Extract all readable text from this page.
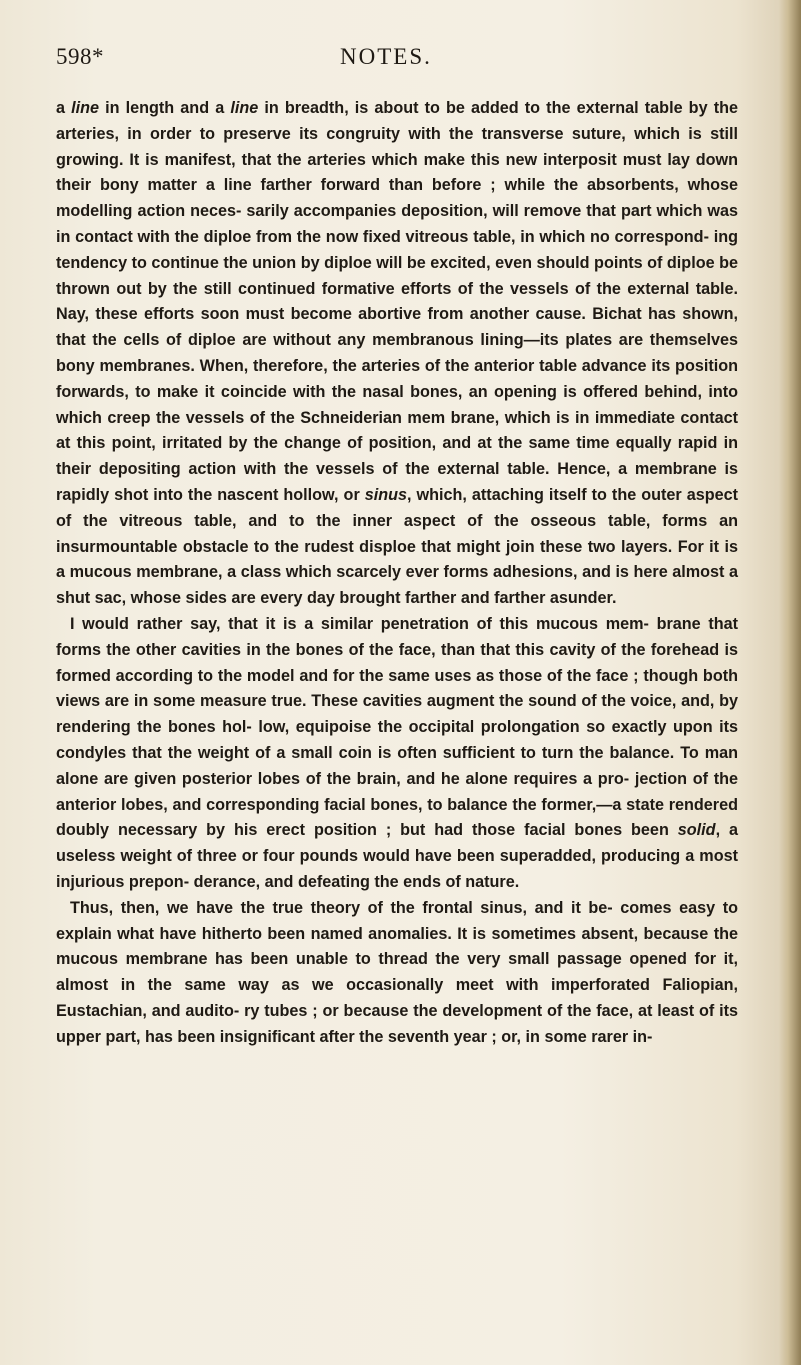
598*	NOTES.

a line in length and a line in breadth, is about to be added to the external table by the arteries, in order to preserve its congruity with the transverse suture, which is still growing. It is manifest, that the arteries which make this new interposit must lay down their bony matter a line farther forward than before ; while the absorbents, whose modelling action neces- sarily accompanies deposition, will remove that part which was in contact with the diploe from the now fixed vitreous table, in which no correspond- ing tendency to continue the union by diploe will be excited, even should points of diploe be thrown out by the still continued formative efforts of the vessels of the external table. Nay, these efforts soon must become abortive from another cause. Bichat has shown, that the cells of diploe are without any membranous lining—its plates are themselves bony membranes. When, therefore, the arteries of the anterior table advance its position forwards, to make it coincide with the nasal bones, an opening is offered behind, into which creep the vessels of the Schneiderian mem brane, which is in immediate contact at this point, irritated by the change of position, and at the same time equally rapid in their depositing action with the vessels of the external table. Hence, a membrane is rapidly shot into the nascent hollow, or sinus, which, attaching itself to the outer aspect of the vitreous table, and to the inner aspect of the osseous table, forms an insurmountable obstacle to the rudest disploe that might join these two layers. For it is a mucous membrane, a class which scarcely ever forms adhesions, and is here almost a shut sac, whose sides are every day brought farther and farther asunder.

I would rather say, that it is a similar penetration of this mucous mem- brane that forms the other cavities in the bones of the face, than that this cavity of the forehead is formed according to the model and for the same uses as those of the face ; though both views are in some measure true. These cavities augment the sound of the voice, and, by rendering the bones hol- low, equipoise the occipital prolongation so exactly upon its condyles that the weight of a small coin is often sufficient to turn the balance. To man alone are given posterior lobes of the brain, and he alone requires a pro- jection of the anterior lobes, and corresponding facial bones, to balance the former,—a state rendered doubly necessary by his erect position ; but had those facial bones been solid, a useless weight of three or four pounds would have been superadded, producing a most injurious prepon- derance, and defeating the ends of nature.

Thus, then, we have the true theory of the frontal sinus, and it be- comes easy to explain what have hitherto been named anomalies. It is sometimes absent, because the mucous membrane has been unable to thread the very small passage opened for it, almost in the same way as we occasionally meet with imperforated Faliopian, Eustachian, and audito- ry tubes ; or because the development of the face, at least of its upper part, has been insignificant after the seventh year ; or, in some rarer in-
